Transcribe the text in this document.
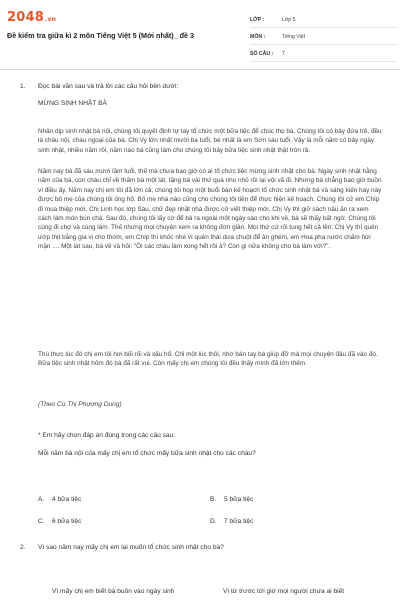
2048.vn
Đề kiểm tra giữa kì 2 môn Tiếng Việt 5 (Mới nhất)_ đề 3
LỚP :	Lớp 5
MÔN :	Tiếng Việt
SỐ CÂU :	7
1. Đọc bài văn sau và trả lời các câu hỏi bên dưới:
MỪNG SINH NHẬT BÀ

Nhân dịp sinh nhật bà nội, chúng tôi quyết định tự tay tổ chức một bữa tiệc để chúc thọ bà. Chúng tôi có bảy đứa trẻ, đều là cháu nội, cháu ngoại của bà. Chị Vy lớn nhất mười ba tuổi, bé nhất là em Sơn sáu tuổi. Vậy là mỗi năm có bảy ngày sinh nhật, nhiều năm rồi, năm nào bà cũng làm cho chúng tôi bảy bữa tiệc sinh nhật thật tròn rả.

Năm nay bà đã sáu mươi lăm tuổi, thế mà chưa bao giờ có ai tổ chức tiệc mừng sinh nhật cho bà. Ngày sinh nhật hằng năm của bà, con cháu chỉ về thăm bà một lát, tặng bà vài thứ quà nho nhỏ rồi lại vội vã đi. Nhưng bà chẳng bao giờ buồn vì điều ấy. Năm nay chị em tôi đã lớn cả, chúng tôi họp một buổi bàn kế hoạch tổ chức sinh nhật bà và sáng kiến hay này được bố mẹ của chúng tôi ủng hộ. Bố mẹ nhà nào cũng cho chúng tôi tiền để thực hiện kế hoạch. Chúng tôi cử em Chíp đi mua thiệp mời. Chị Linh học lớp Sáu, chữ đẹp nhất nhà được cử viết thiệp mời. Chị Vy thì giở sách nấu ăn ra xem cách làm món bún chả. Sau đó, chúng tôi lấy cớ để bà ra ngoài một ngày sao cho khi về, bà sẽ thấy bất ngờ. Chúng tôi cùng đi chợ và cùng làm. Thế nhưng mọi chuyện xem ra không đơn giản. Mọi thứ cứ rối tung hết cả lên: Chị Vy thì quên ướp thịt bằng gia vị cho thơm, em Chíp thì khóc nhè vì quên thái dưa chuột để ăn ghém, em Hoa pha nước chấm hơi mặn .... Một lát sau, bà về và hỏi: "Ôi các cháu làm xong hết rồi à? Còn gì nữa không cho bà làm với?".

Thú thực lúc đó chị em tôi hơi bối rối và xấu hổ. Chỉ một lúc thôi, nhờ bàn tay bà giúp đỡ mà mọi chuyện đâu đã vào đó. Bữa tiệc sinh nhật hôm đó bà đã rất vui. Còn mấy chị em chúng tôi đều thấy mình đã lớn thêm.

(Theo Cù Thị Phương Dung)
* Em hãy chọn đáp án đúng trong các câu sau:
Mỗi năm bà nội của mấy chị em tổ chức mấy bữa sinh nhật cho các cháu?
A. 4 bữa tiệc	B. 5 bữa tiệc
C. 6 bữa tiệc	D. 7 bữa tiệc
2. Vì sao năm nay mấy chị em lại muốn tổ chức sinh nhật cho bà?
Vì mấy chị em biết bà buồn vào ngày sinh	Vì từ trước tới giờ mọi người chưa ai biết
